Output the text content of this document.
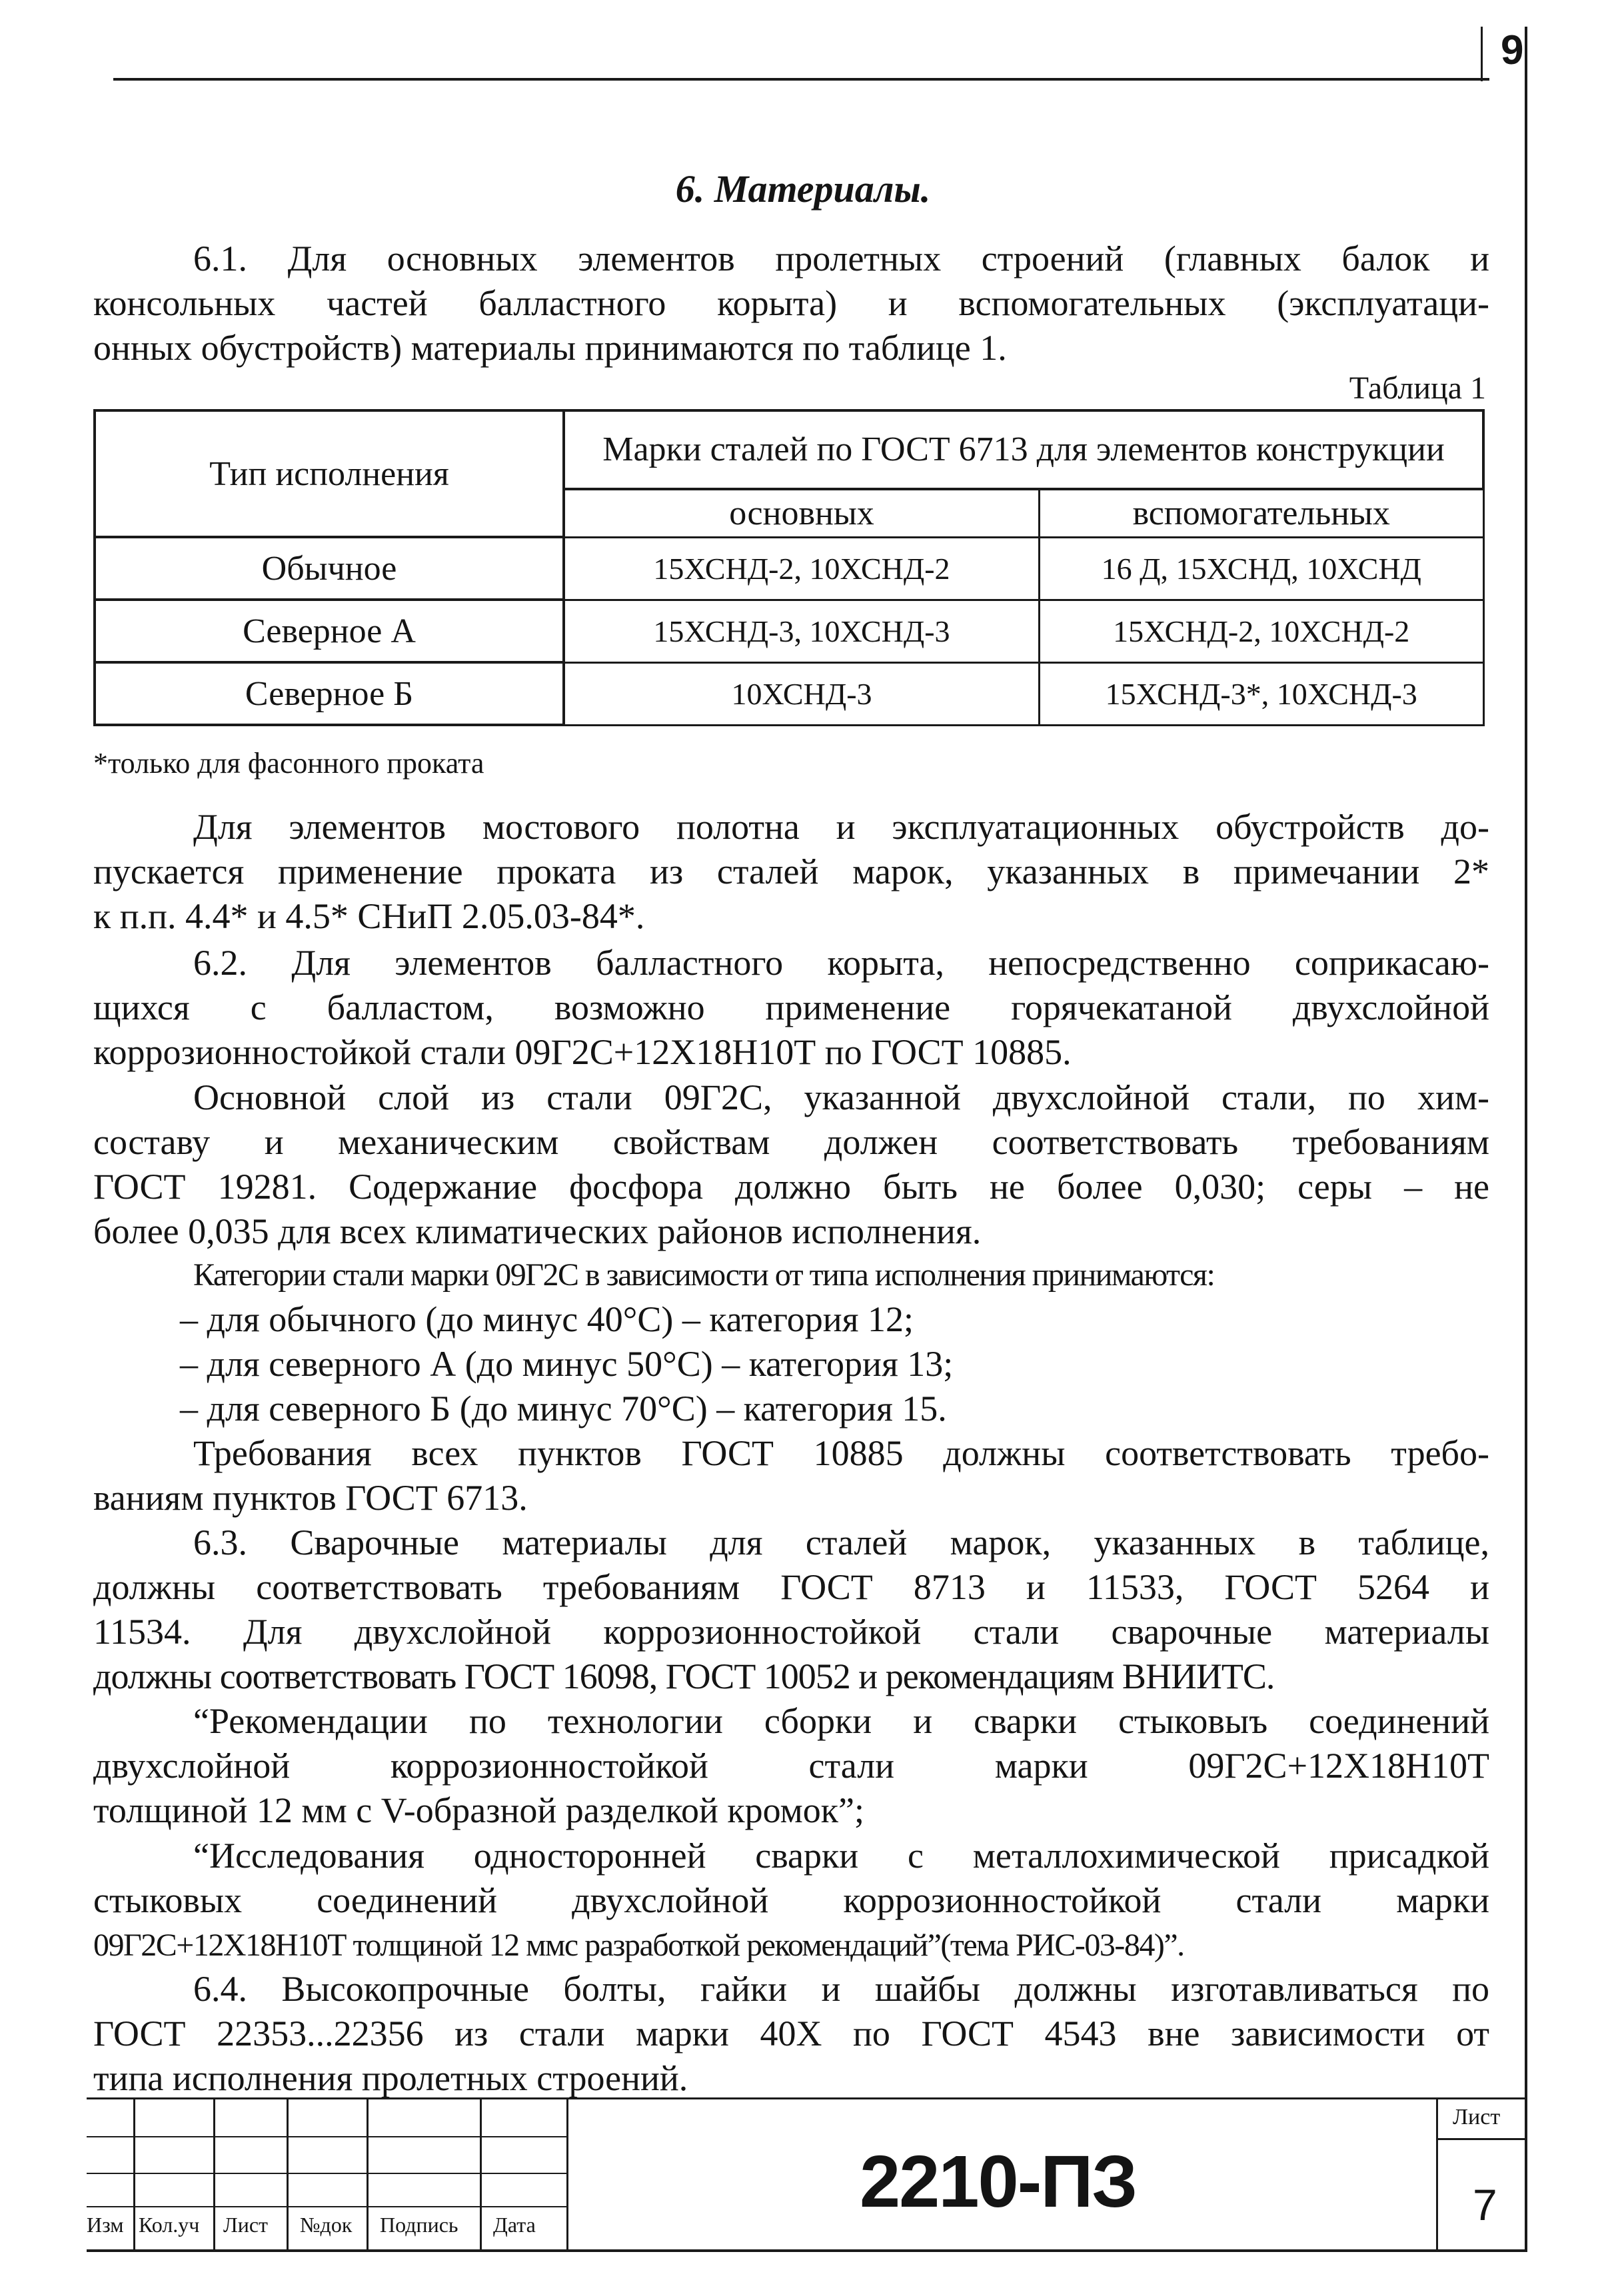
9
6. Материалы.
6.1. Для основных элементов пролетных строений (главных балок и
консольных частей балластного корыта) и вспомогательных (эксплуатаци-
онных обустройств) материалы принимаются по таблице 1.
Таблица 1
Тип исполнения	Марки сталей по ГОСТ 6713 для элементов конструкции	
	основных	вспомогательных
Обычное	15ХСНД-2, 10ХСНД-2	16 Д, 15ХСНД, 10ХСНД
Северное А	15ХСНД-3, 10ХСНД-3	15ХСНД-2, 10ХСНД-2
Северное Б	10ХСНД-3	15ХСНД-3*, 10ХСНД-3
*только для фасонного проката
Для элементов мостового полотна и эксплуатационных обустройств до-
пускается применение проката из сталей марок, указанных в примечании 2*
к п.п. 4.4* и 4.5* СНиП 2.05.03-84*.
6.2. Для элементов балластного корыта, непосредственно соприкасаю-
щихся с балластом, возможно применение горячекатаной двухслойной
коррозионностойкой стали 09Г2С+12Х18Н10Т по ГОСТ 10885.
Основной слой из стали 09Г2С, указанной двухслойной стали, по хим-
составу и механическим свойствам должен соответствовать требованиям
ГОСТ 19281. Содержание фосфора должно быть не более 0,030; серы – не
более 0,035 для всех климатических районов исполнения.
Категории стали марки 09Г2С в зависимости от типа исполнения принимаются:
– для обычного (до минус 40°С) – категория 12;
– для северного А (до минус 50°С) – категория 13;
– для северного Б (до минус 70°С) – категория 15.
Требования всех пунктов ГОСТ 10885 должны соответствовать требо-
ваниям пунктов ГОСТ 6713.
6.3. Сварочные материалы для сталей марок, указанных в таблице,
должны соответствовать требованиям ГОСТ 8713 и 11533, ГОСТ 5264 и
11534. Для двухслойной коррозионностойкой стали сварочные материалы
должны соответствовать ГОСТ 16098, ГОСТ 10052 и рекомендациям ВНИИТС.
“Рекомендации по технологии сборки и сварки стыковыъ соединений
двухслойной коррозионностойкой стали марки 09Г2С+12Х18Н10Т
толщиной 12 мм с V-образной разделкой кромок”;
“Исследования односторонней сварки с металлохимической присадкой
стыковых соединений двухслойной коррозионностойкой стали марки
09Г2С+12Х18Н10Т толщиной 12 ммс разработкой рекомендаций”(тема РИС-03-84)”.
6.4. Высокопрочные болты, гайки и шайбы должны изготавливаться по
ГОСТ 22353...22356 из стали марки 40Х по ГОСТ 4543 вне зависимости от
типа исполнения пролетных строений.
Изм Кол.уч Лист №док Подпись Дата
2210-ПЗ
Лист
7
